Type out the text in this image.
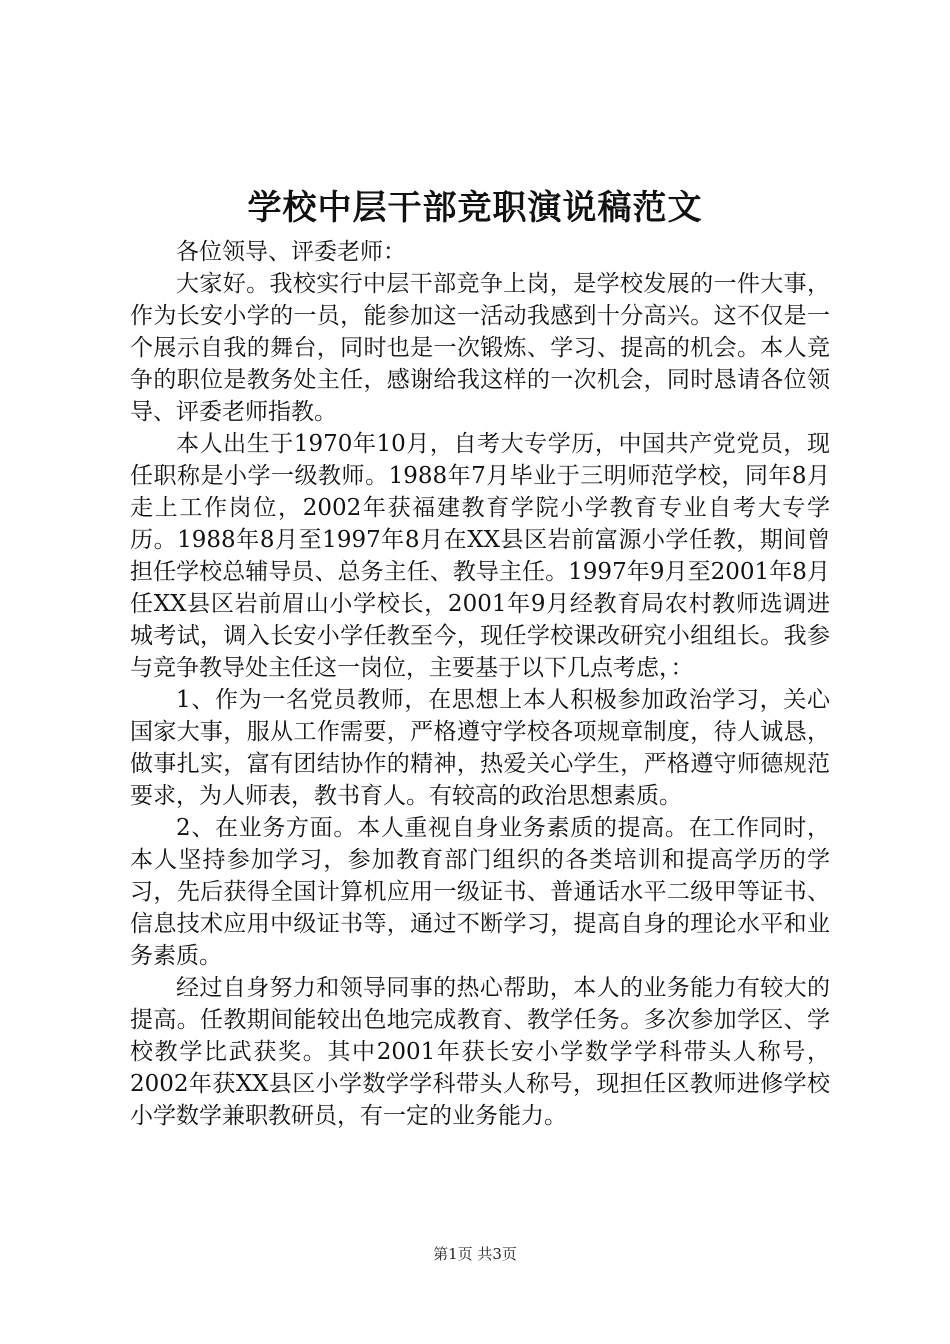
学校中层干部竞职演说稿范文

各位领导、评委老师：

大家好。我校实行中层干部竞争上岗，是学校发展的一件大事，作为长安小学的一员，能参加这一活动我感到十分高兴。这不仅是一个展示自我的舞台，同时也是一次锻炼、学习、提高的机会。本人竞争的职位是教务处主任，感谢给我这样的一次机会，同时恳请各位领导、评委老师指教。

本人出生于1970年10月，自考大专学历，中国共产党党员，现任职称是小学一级教师。1988年7月毕业于三明师范学校，同年8月走上工作岗位，2002年获福建教育学院小学教育专业自考大专学历。1988年8月至1997年8月在XX县区岩前富源小学任教，期间曾担任学校总辅导员、总务主任、教导主任。1997年9月至2001年8月任XX县区岩前眉山小学校长，2001年9月经教育局农村教师选调进城考试，调入长安小学任教至今，现任学校课改研究小组组长。我参与竞争教导处主任这一岗位，主要基于以下几点考虑，：

1、作为一名党员教师，在思想上本人积极参加政治学习，关心国家大事，服从工作需要，严格遵守学校各项规章制度，待人诚恳，做事扎实，富有团结协作的精神，热爱关心学生，严格遵守师德规范要求，为人师表，教书育人。有较高的政治思想素质。

2、在业务方面。本人重视自身业务素质的提高。在工作同时，本人坚持参加学习，参加教育部门组织的各类培训和提高学历的学习，先后获得全国计算机应用一级证书、普通话水平二级甲等证书、信息技术应用中级证书等，通过不断学习，提高自身的理论水平和业务素质。

经过自身努力和领导同事的热心帮助，本人的业务能力有较大的提高。任教期间能较出色地完成教育、教学任务。多次参加学区、学校教学比武获奖。其中2001年获长安小学数学学科带头人称号，2002年获XX县区小学数学学科带头人称号，现担任区教师进修学校小学数学兼职教研员，有一定的业务能力。

第1页 共3页
